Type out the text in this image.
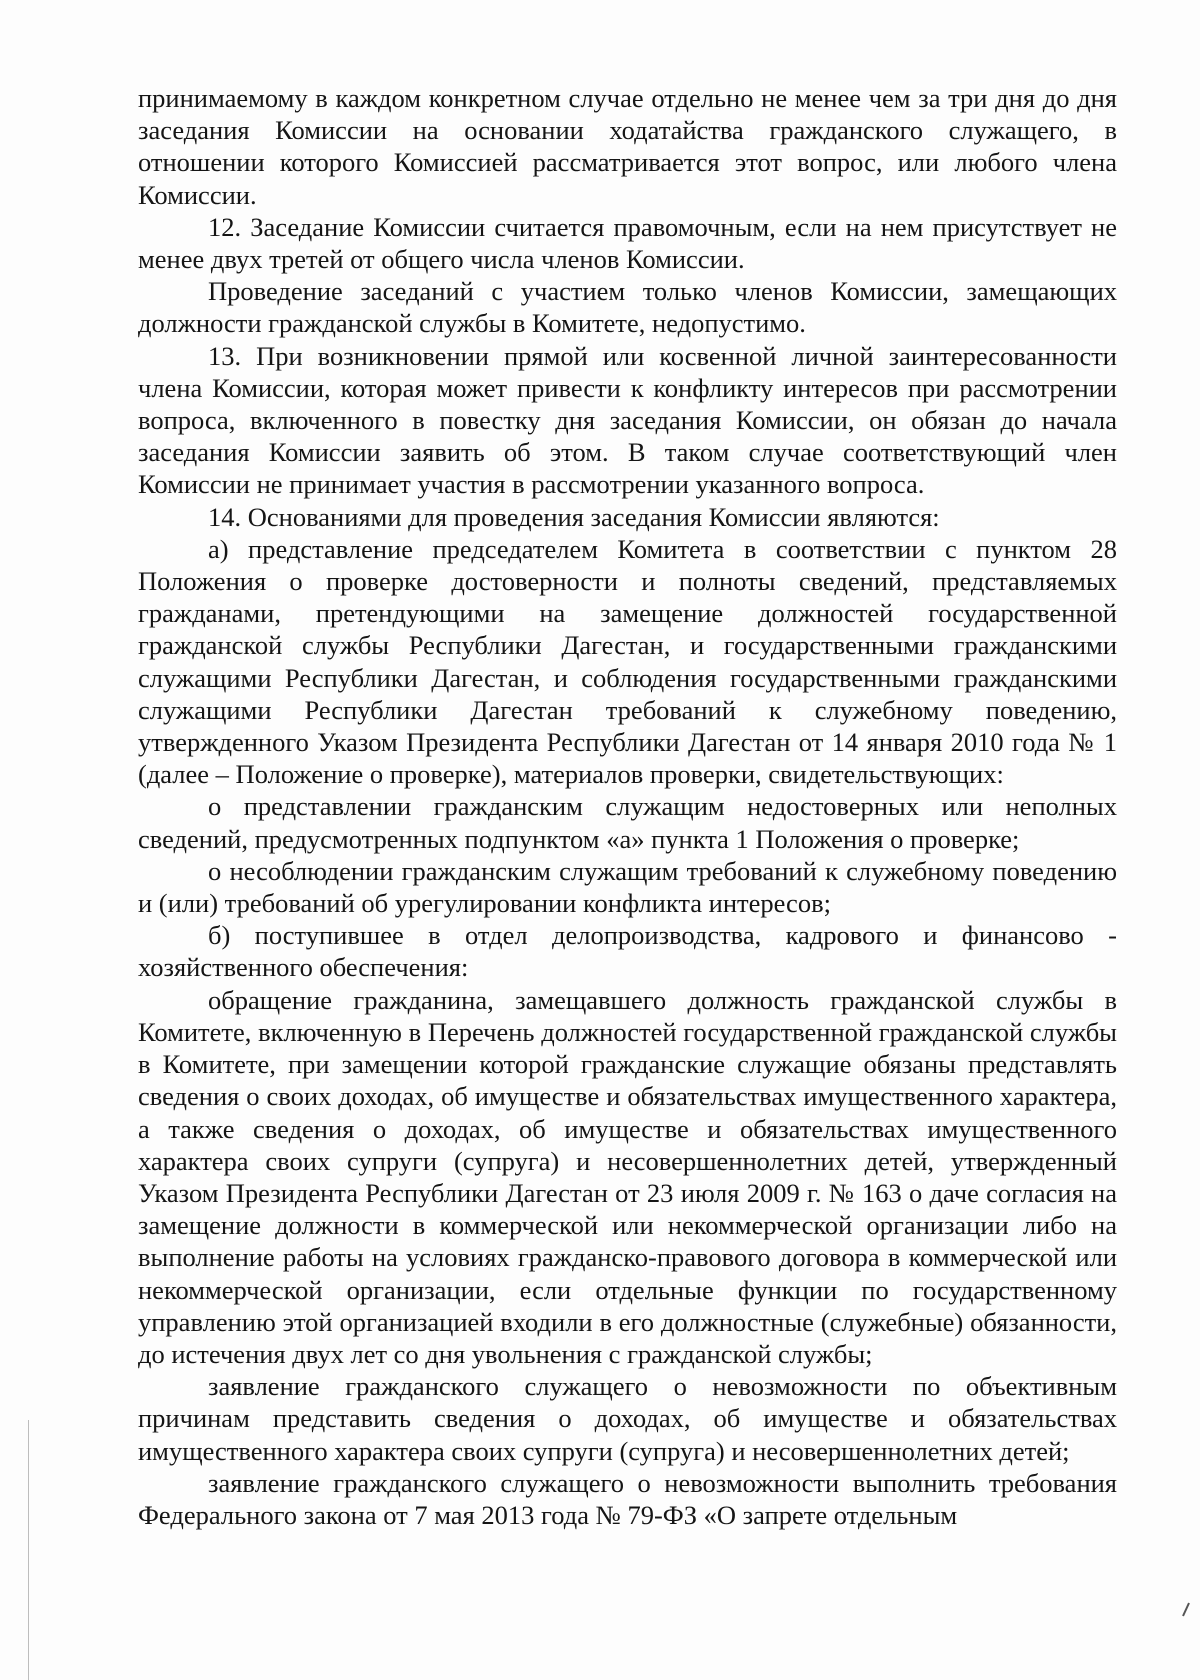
принимаемому в каждом конкретном случае отдельно не менее чем за три дня до дня заседания Комиссии на основании ходатайства гражданского служащего, в отношении которого Комиссией рассматривается этот вопрос, или любого члена Комиссии.

12. Заседание Комиссии считается правомочным, если на нем присутствует не менее двух третей от общего числа членов Комиссии.

Проведение заседаний с участием только членов Комиссии, замещающих должности гражданской службы в Комитете, недопустимо.

13. При возникновении прямой или косвенной личной заинтересованности члена Комиссии, которая может привести к конфликту интересов при рассмотрении вопроса, включенного в повестку дня заседания Комиссии, он обязан до начала заседания Комиссии заявить об этом. В таком случае соответствующий член Комиссии не принимает участия в рассмотрении указанного вопроса.

14. Основаниями для проведения заседания Комиссии являются:

а) представление председателем Комитета в соответствии с пунктом 28 Положения о проверке достоверности и полноты сведений, представляемых гражданами, претендующими на замещение должностей государственной гражданской службы Республики Дагестан, и государственными гражданскими служащими Республики Дагестан, и соблюдения государственными гражданскими служащими Республики Дагестан требований к служебному поведению, утвержденного Указом Президента Республики Дагестан от 14 января 2010 года № 1 (далее – Положение о проверке), материалов проверки, свидетельствующих:

о представлении гражданским служащим недостоверных или неполных сведений, предусмотренных подпунктом «а» пункта 1 Положения о проверке;

о несоблюдении гражданским служащим требований к служебному поведению и (или) требований об урегулировании конфликта интересов;

б) поступившее в отдел делопроизводства, кадрового и финансово - хозяйственного обеспечения:

обращение гражданина, замещавшего должность гражданской службы в Комитете, включенную в Перечень должностей государственной гражданской службы в Комитете, при замещении которой гражданские служащие обязаны представлять сведения о своих доходах, об имуществе и обязательствах имущественного характера, а также сведения о доходах, об имуществе и обязательствах имущественного характера своих супруги (супруга) и несовершеннолетних детей, утвержденный Указом Президента Республики Дагестан от 23 июля 2009 г. № 163 о даче согласия на замещение должности в коммерческой или некоммерческой организации либо на выполнение работы на условиях гражданско-правового договора в коммерческой или некоммерческой организации, если отдельные функции по государственному управлению этой организацией входили в его должностные (служебные) обязанности, до истечения двух лет со дня увольнения с гражданской службы;

заявление гражданского служащего о невозможности по объективным причинам представить сведения о доходах, об имуществе и обязательствах имущественного характера своих супруги (супруга) и несовершеннолетних детей;

заявление гражданского служащего о невозможности выполнить требования Федерального закона от 7 мая 2013 года № 79-ФЗ «О запрете отдельным
